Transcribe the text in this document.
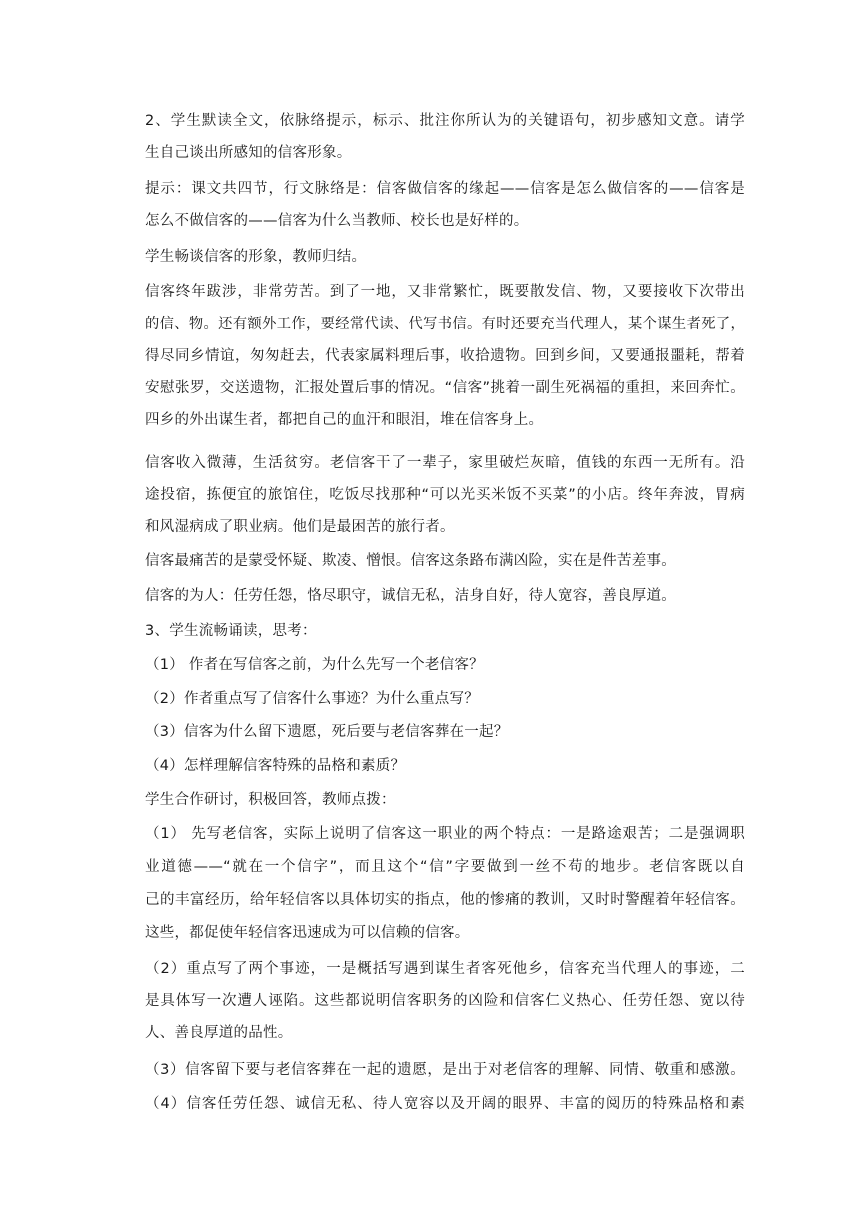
2、学生默读全文，依脉络提示，标示、批注你所认为的关键语句，初步感知文意。请学
生自己谈出所感知的信客形象。
提示：课文共四节，行文脉络是：信客做信客的缘起——信客是怎么做信客的——信客是
怎么不做信客的——信客为什么当教师、校长也是好样的。
学生畅谈信客的形象，教师归结。
信客终年跋涉，非常劳苦。到了一地，又非常繁忙，既要散发信、物，又要接收下次带出
的信、物。还有额外工作，要经常代读、代写书信。有时还要充当代理人，某个谋生者死了，
得尽同乡情谊，匆匆赶去，代表家属料理后事，收拾遗物。回到乡间，又要通报噩耗，帮着
安慰张罗，交送遗物，汇报处置后事的情况。“信客”挑着一副生死祸福的重担，来回奔忙。
四乡的外出谋生者，都把自己的血汗和眼泪，堆在信客身上。
信客收入微薄，生活贫穷。老信客干了一辈子，家里破烂灰暗，值钱的东西一无所有。沿
途投宿，拣便宜的旅馆住，吃饭尽找那种“可以光买米饭不买菜”的小店。终年奔波，胃病
和风湿病成了职业病。他们是最困苦的旅行者。
信客最痛苦的是蒙受怀疑、欺凌、憎恨。信客这条路布满凶险，实在是件苦差事。
信客的为人：任劳任怨，恪尽职守，诚信无私，洁身自好，待人宽容，善良厚道。
3、学生流畅诵读，思考：
（1） 作者在写信客之前，为什么先写一个老信客？
（2）作者重点写了信客什么事迹？为什么重点写？
（3）信客为什么留下遗愿，死后要与老信客葬在一起？
（4）怎样理解信客特殊的品格和素质？
学生合作研讨，积极回答，教师点拨：
（1） 先写老信客，实际上说明了信客这一职业的两个特点：一是路途艰苦；二是强调职
业道德——“就在一个信字”，而且这个“信”字要做到一丝不苟的地步。老信客既以自
己的丰富经历，给年轻信客以具体切实的指点，他的惨痛的教训，又时时警醒着年轻信客。
这些，都促使年轻信客迅速成为可以信赖的信客。
（2）重点写了两个事迹，一是概括写遇到谋生者客死他乡，信客充当代理人的事迹，二
是具体写一次遭人诬陷。这些都说明信客职务的凶险和信客仁义热心、任劳任怨、宽以待
人、善良厚道的品性。
（3）信客留下要与老信客葬在一起的遗愿，是出于对老信客的理解、同情、敬重和感激。
（4）信客任劳任怨、诚信无私、待人宽容以及开阔的眼界、丰富的阅历的特殊品格和素
